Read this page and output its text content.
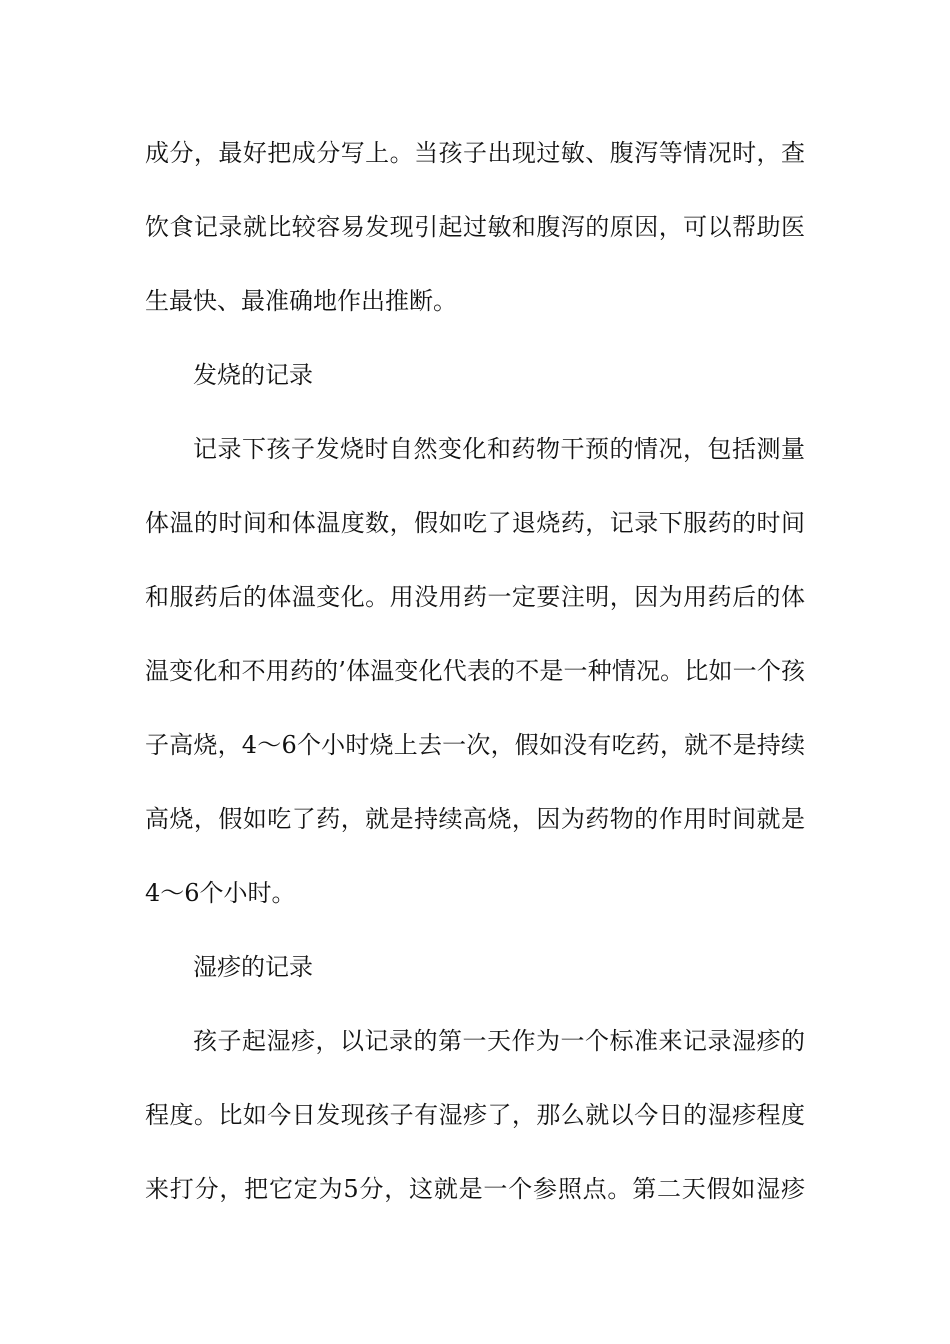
成分，最好把成分写上。当孩子出现过敏、腹泻等情况时，查
饮食记录就比较容易发现引起过敏和腹泻的原因，可以帮助医
生最快、最准确地作出推断。
发烧的记录
记录下孩子发烧时自然变化和药物干预的情况，包括测量
体温的时间和体温度数，假如吃了退烧药，记录下服药的时间
和服药后的体温变化。用没用药一定要注明，因为用药后的体
温变化和不用药的’体温变化代表的不是一种情况。比如一个孩
子高烧，4～6个小时烧上去一次，假如没有吃药，就不是持续
高烧，假如吃了药，就是持续高烧，因为药物的作用时间就是
4～6个小时。
湿疹的记录
孩子起湿疹，以记录的第一天作为一个标准来记录湿疹的
程度。比如今日发现孩子有湿疹了，那么就以今日的湿疹程度
来打分，把它定为5分，这就是一个参照点。第二天假如湿疹
